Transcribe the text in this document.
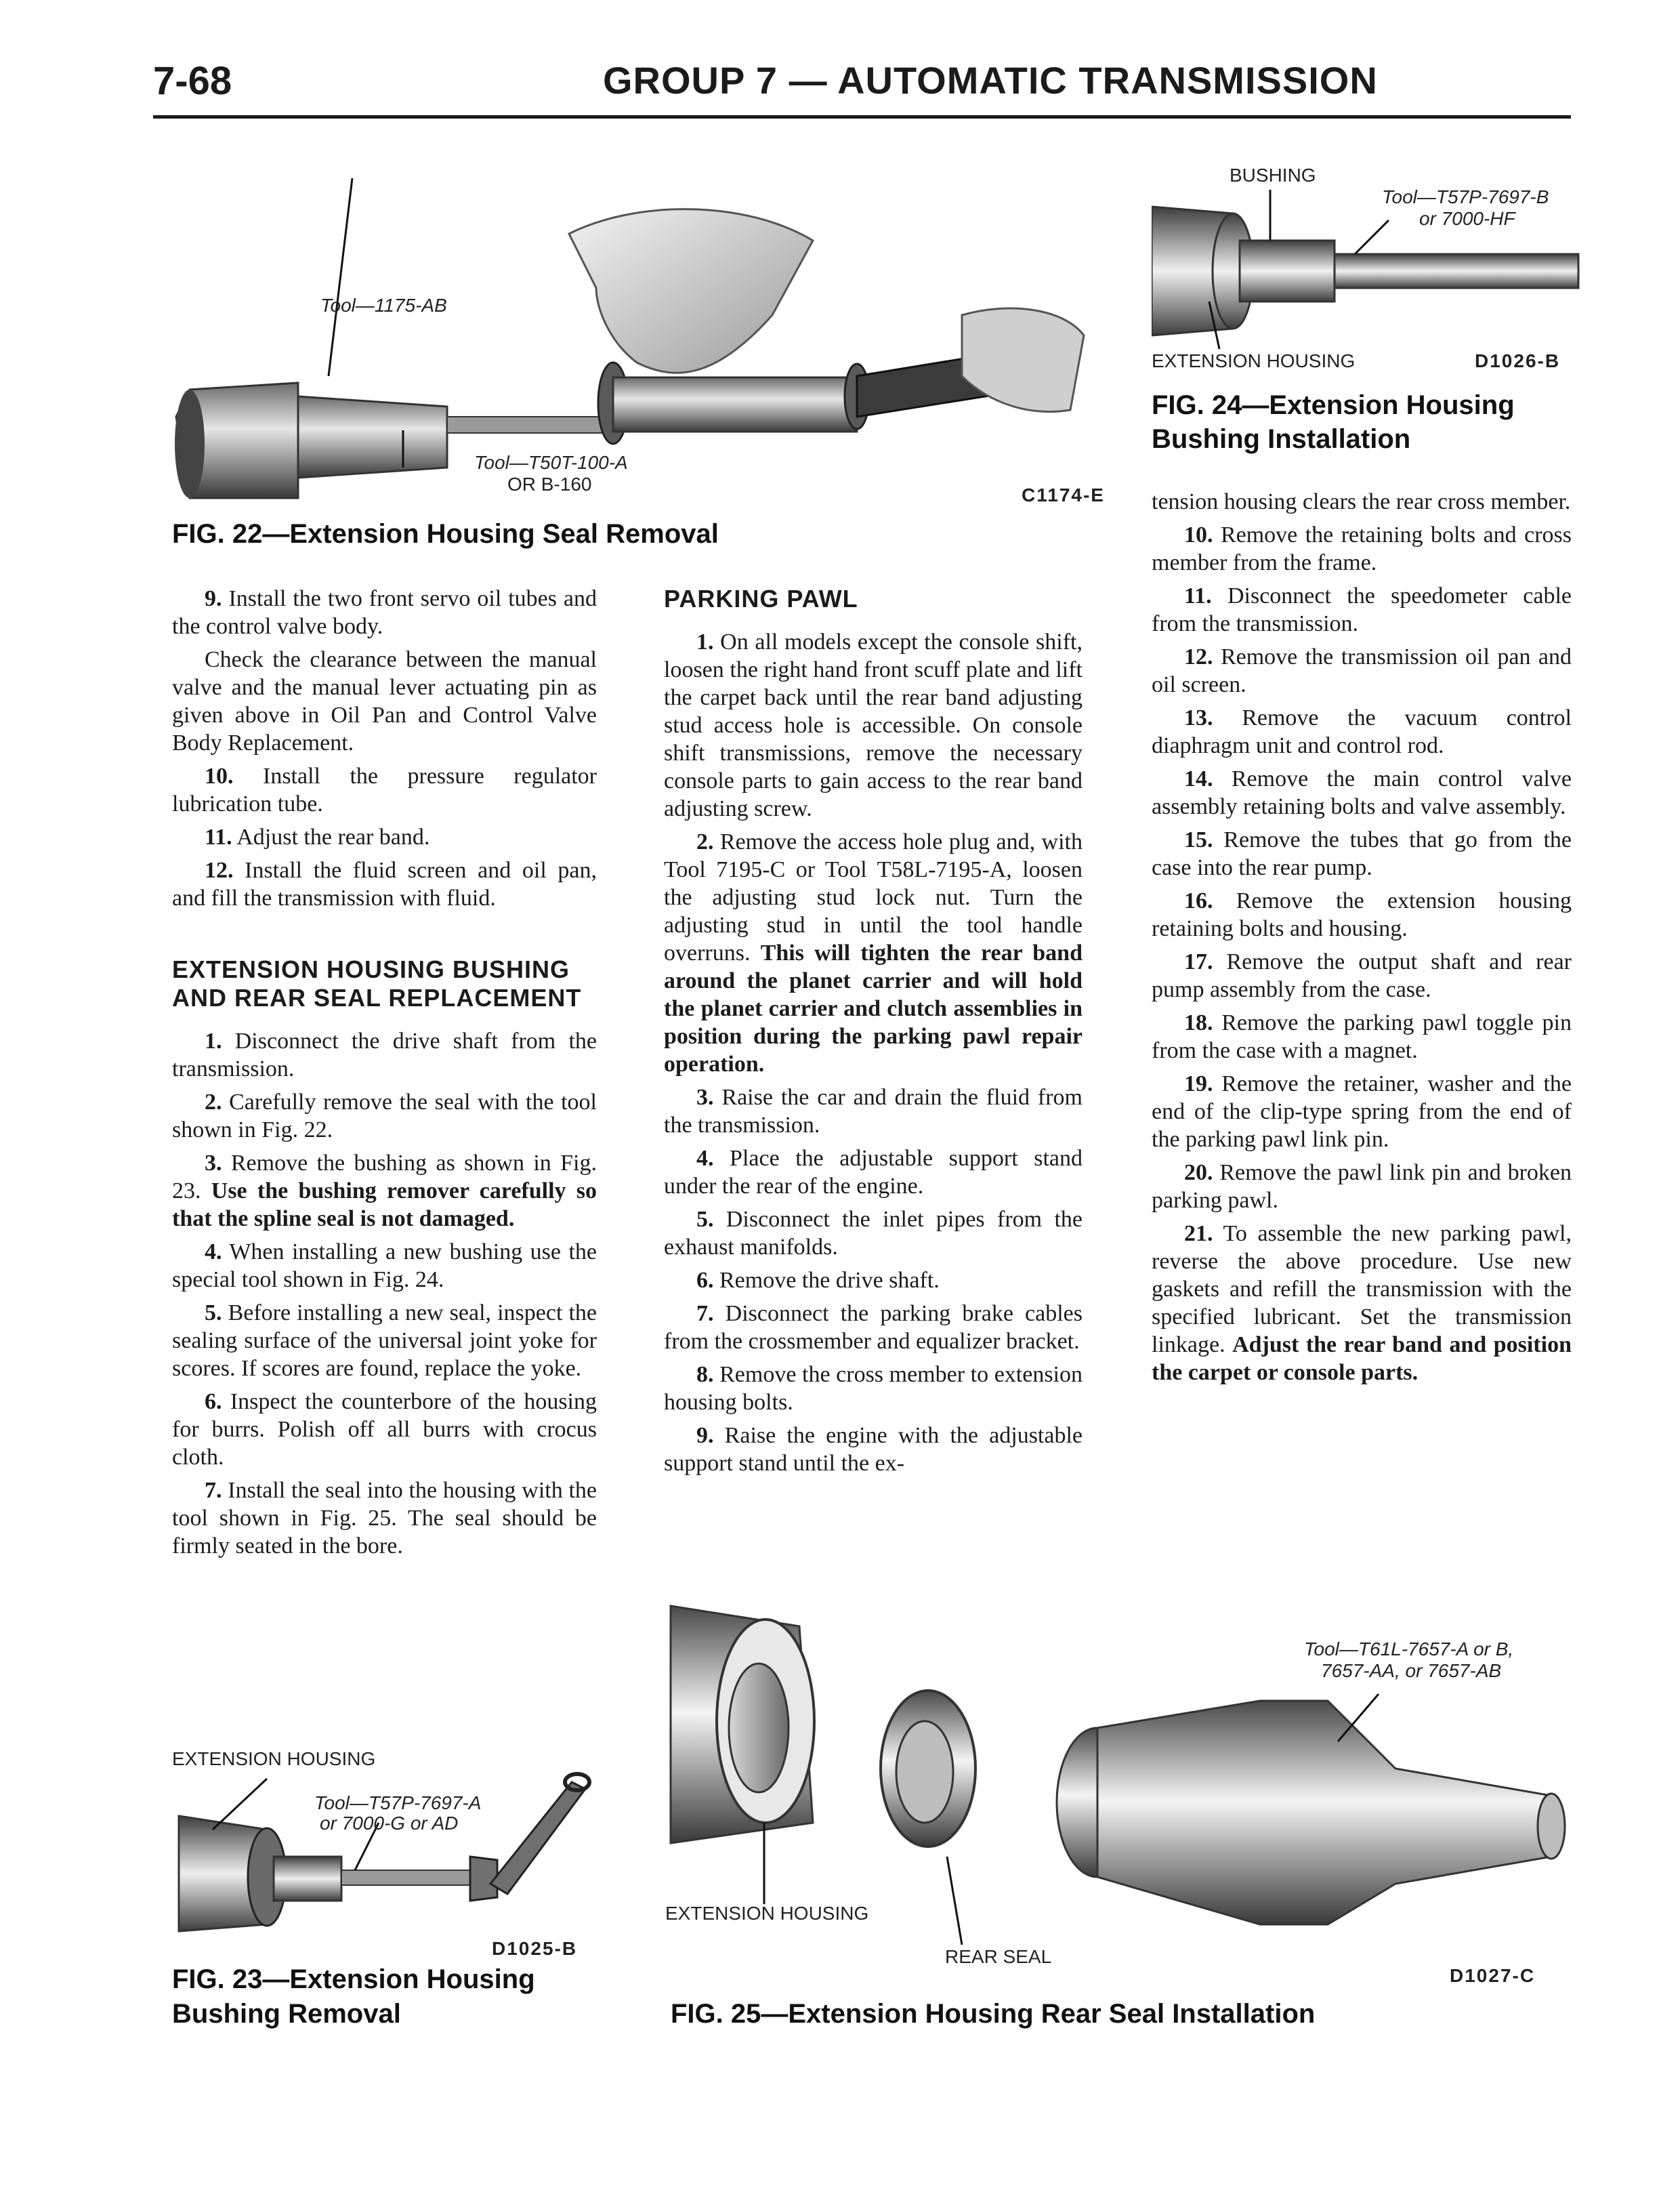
7-68	GROUP 7 — AUTOMATIC TRANSMISSION
Tool—1175-AB
Tool—T50T-100-A
OR B-160
C1174-E
FIG. 22—Extension Housing Seal Removal
BUSHING
Tool—T57P-7697-B
or 7000-HF
EXTENSION HOUSING	D1026-B
FIG. 24—Extension Housing
Bushing Installation

9. Install the two front servo oil tubes and the control valve body.

Check the clearance between the manual valve and the manual lever actuating pin as given above in Oil Pan and Control Valve Body Replacement.

10. Install the pressure regulator lubrication tube.

11. Adjust the rear band.

12. Install the fluid screen and oil pan, and fill the transmission with fluid.

EXTENSION HOUSING BUSHING AND REAR SEAL REPLACEMENT

1. Disconnect the drive shaft from the transmission.

2. Carefully remove the seal with the tool shown in Fig. 22.

3. Remove the bushing as shown in Fig. 23. Use the bushing remover carefully so that the spline seal is not damaged.

4. When installing a new bushing use the special tool shown in Fig. 24.

5. Before installing a new seal, inspect the sealing surface of the universal joint yoke for scores. If scores are found, replace the yoke.

6. Inspect the counterbore of the housing for burrs. Polish off all burrs with crocus cloth.

7. Install the seal into the housing with the tool shown in Fig. 25. The seal should be firmly seated in the bore.

PARKING PAWL

1. On all models except the console shift, loosen the right hand front scuff plate and lift the carpet back until the rear band adjusting stud access hole is accessible. On console shift transmissions, remove the necessary console parts to gain access to the rear band adjusting screw.

2. Remove the access hole plug and, with Tool 7195-C or Tool T58L-7195-A, loosen the adjusting stud lock nut. Turn the adjusting stud in until the tool handle overruns. This will tighten the rear band around the planet carrier and will hold the planet carrier and clutch assemblies in position during the parking pawl repair operation.

3. Raise the car and drain the fluid from the transmission.

4. Place the adjustable support stand under the rear of the engine.

5. Disconnect the inlet pipes from the exhaust manifolds.

6. Remove the drive shaft.

7. Disconnect the parking brake cables from the crossmember and equalizer bracket.

8. Remove the cross member to extension housing bolts.

9. Raise the engine with the adjustable support stand until the ex-

tension housing clears the rear cross member.

10. Remove the retaining bolts and cross member from the frame.

11. Disconnect the speedometer cable from the transmission.

12. Remove the transmission oil pan and oil screen.

13. Remove the vacuum control diaphragm unit and control rod.

14. Remove the main control valve assembly retaining bolts and valve assembly.

15. Remove the tubes that go from the case into the rear pump.

16. Remove the extension housing retaining bolts and housing.

17. Remove the output shaft and rear pump assembly from the case.

18. Remove the parking pawl toggle pin from the case with a magnet.

19. Remove the retainer, washer and the end of the clip-type spring from the end of the parking pawl link pin.

20. Remove the pawl link pin and broken parking pawl.

21. To assemble the new parking pawl, reverse the above procedure. Use new gaskets and refill the transmission with the specified lubricant. Set the transmission linkage. Adjust the rear band and position the carpet or console parts.

EXTENSION HOUSING
Tool—T57P-7697-A
or 7000-G or AD
D1025-B
FIG. 23—Extension Housing
Bushing Removal
Tool—T61L-7657-A or B,
7657-AA, or 7657-AB
EXTENSION HOUSING
REAR SEAL
D1027-C
FIG. 25—Extension Housing Rear Seal Installation
